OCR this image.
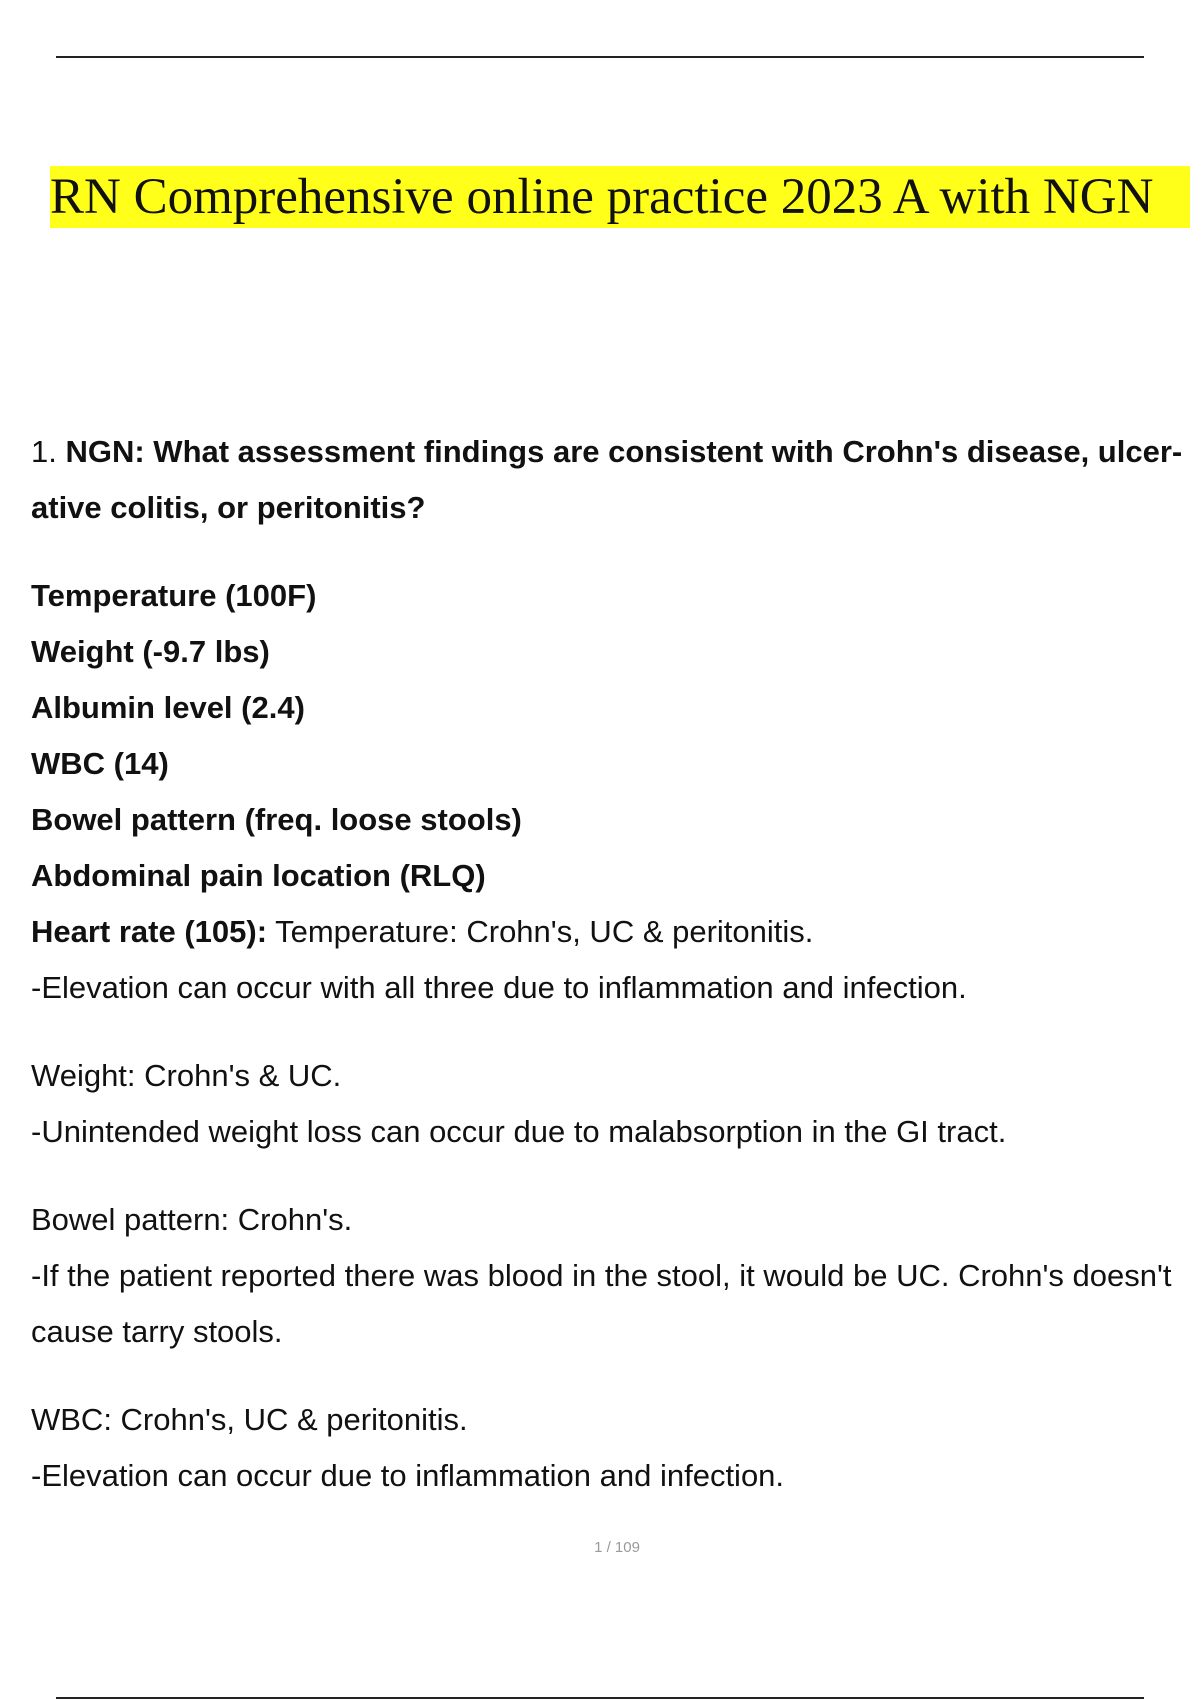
RN Comprehensive online practice 2023 A with NGN
1. NGN: What assessment findings are consistent with Crohn's disease, ulcer-
ative colitis, or peritonitis?
Temperature (100F)
Weight (-9.7 lbs)
Albumin level (2.4)
WBC (14)
Bowel pattern (freq. loose stools)
Abdominal pain location (RLQ)
Heart rate (105): Temperature: Crohn's, UC & peritonitis.
-Elevation can occur with all three due to inflammation and infection.
Weight: Crohn's & UC.
-Unintended weight loss can occur due to malabsorption in the GI tract.
Bowel pattern: Crohn's.
-If the patient reported there was blood in the stool, it would be UC. Crohn's doesn't
cause tarry stools.
WBC: Crohn's, UC & peritonitis.
-Elevation can occur due to inflammation and infection.
1 / 109
